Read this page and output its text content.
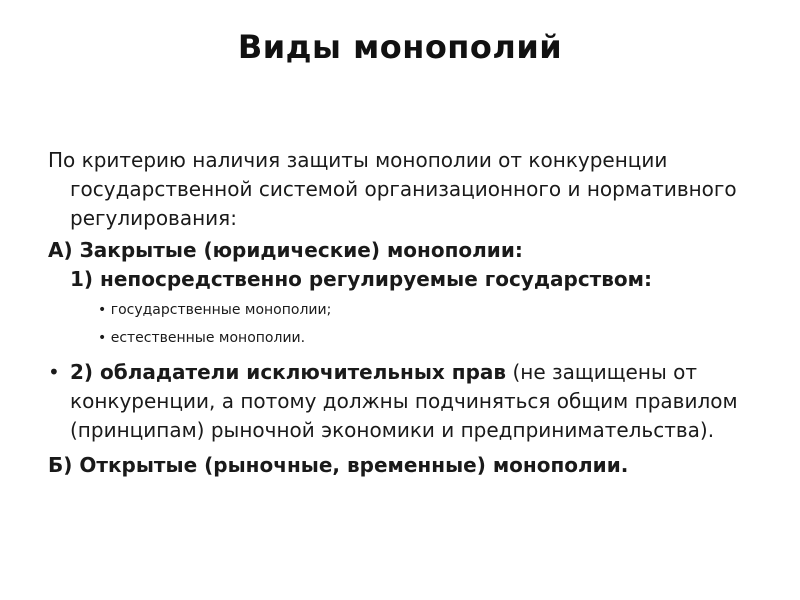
Виды монополий

По критерию наличия защиты монополии от конкуренции государственной системой организационного и нормативного регулирования:

А) Закрытые (юридические) монополии:

1) непосредственно регулируемые государством:

• государственные монополии;
• естественные монополии.

• 2) обладатели исключительных прав (не защищены от конкуренции, а потому должны подчиняться общим правилом (принципам) рыночной экономики и предпринимательства).

Б) Открытые (рыночные, временные) монополии.
